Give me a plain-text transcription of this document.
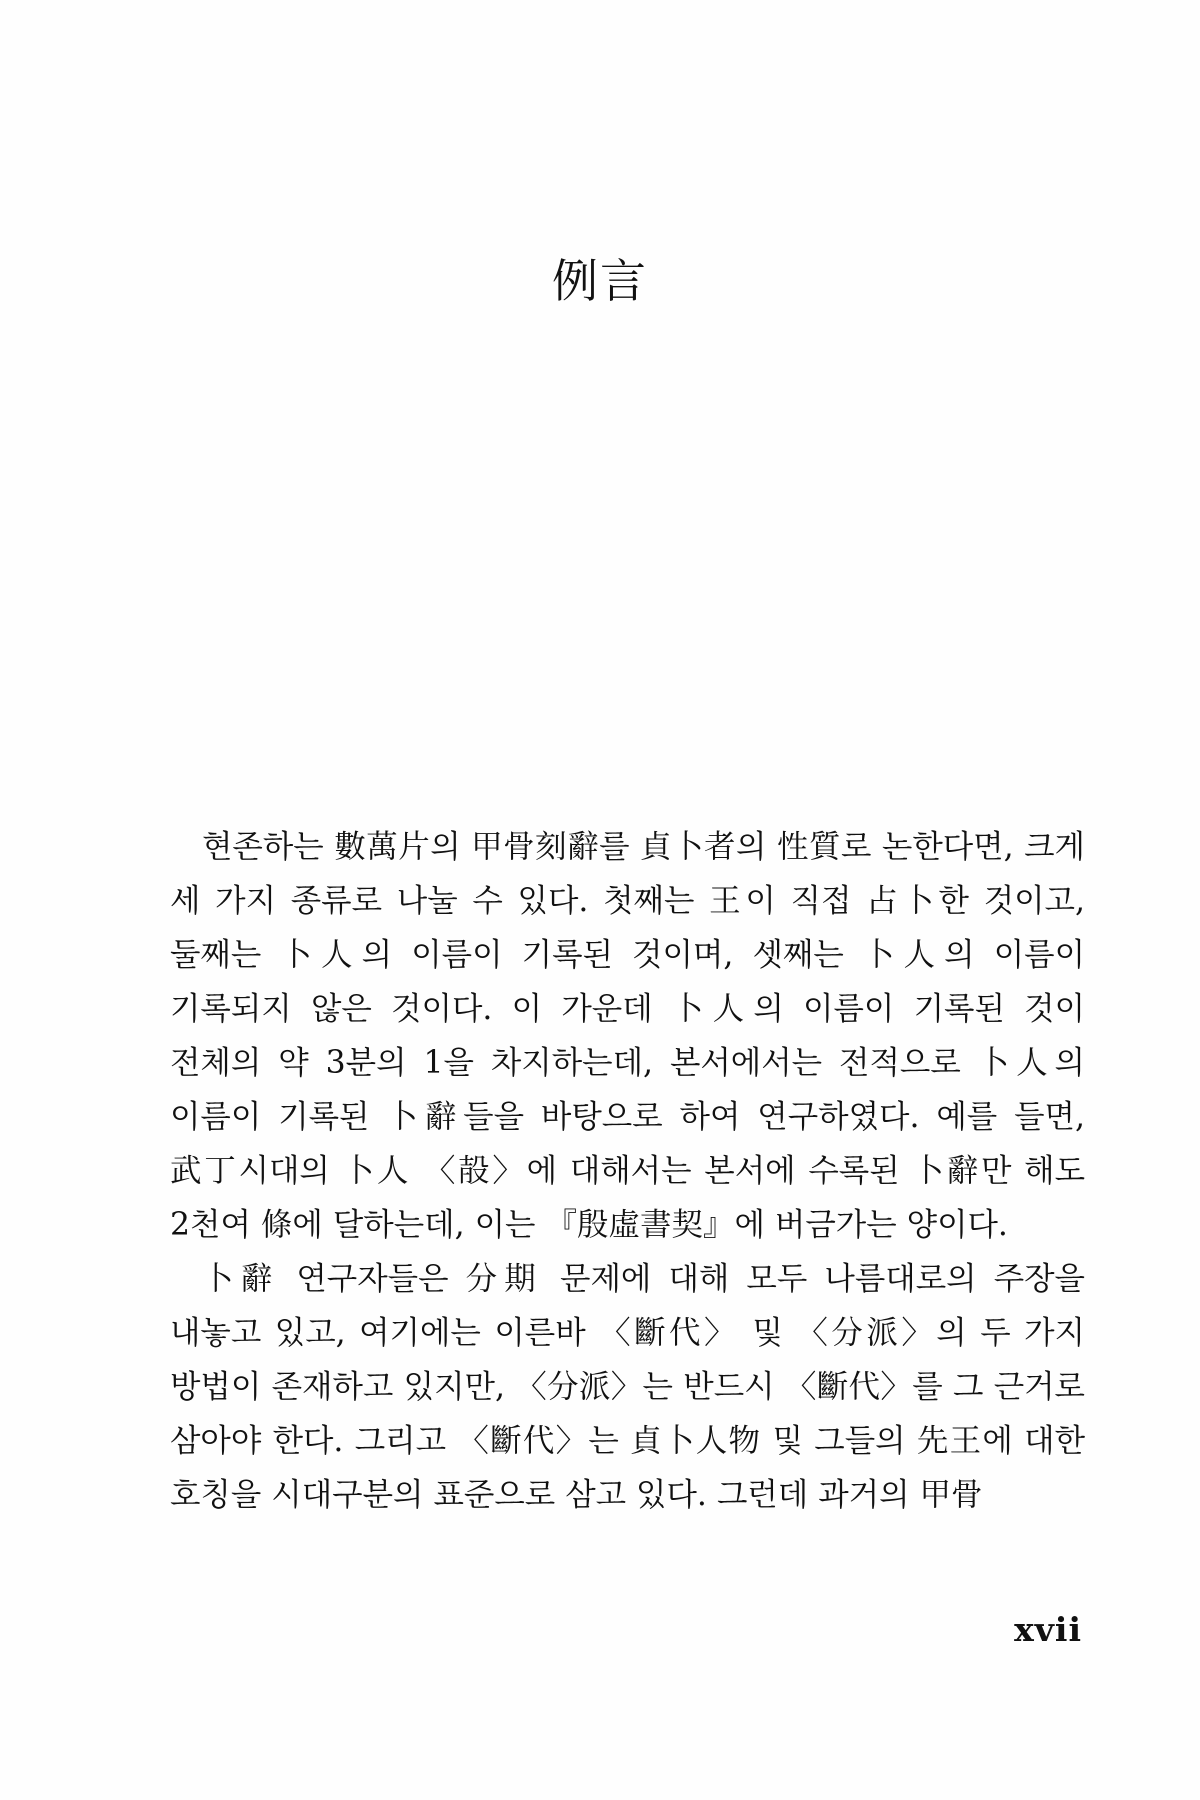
例言

현존하는 數萬片의 甲骨刻辭를 貞卜者의 性質로 논한다면, 크게 세 가지 종류로 나눌 수 있다. 첫째는 王이 직접 占卜한 것이고, 둘째는 卜人의 이름이 기록된 것이며, 셋째는 卜人의 이름이 기록되지 않은 것이다. 이 가운데 卜人의 이름이 기록된 것이 전체의 약 3분의 1을 차지하는데, 본서에서는 전적으로 卜人의 이름이 기록된 卜辭들을 바탕으로 하여 연구하였다. 예를 들면, 武丁시대의 卜人 〈㱿〉에 대해서는 본서에 수록된 卜辭만 해도 2천여 條에 달하는데, 이는 『殷虛書契』에 버금가는 양이다.

卜辭 연구자들은 分期 문제에 대해 모두 나름대로의 주장을 내놓고 있고, 여기에는 이른바 〈斷代〉 및 〈分派〉의 두 가지 방법이 존재하고 있지만, 〈分派〉는 반드시 〈斷代〉를 그 근거로 삼아야 한다. 그리고 〈斷代〉는 貞卜人物 및 그들의 先王에 대한 호칭을 시대구분의 표준으로 삼고 있다. 그런데 과거의 甲骨

xvii
